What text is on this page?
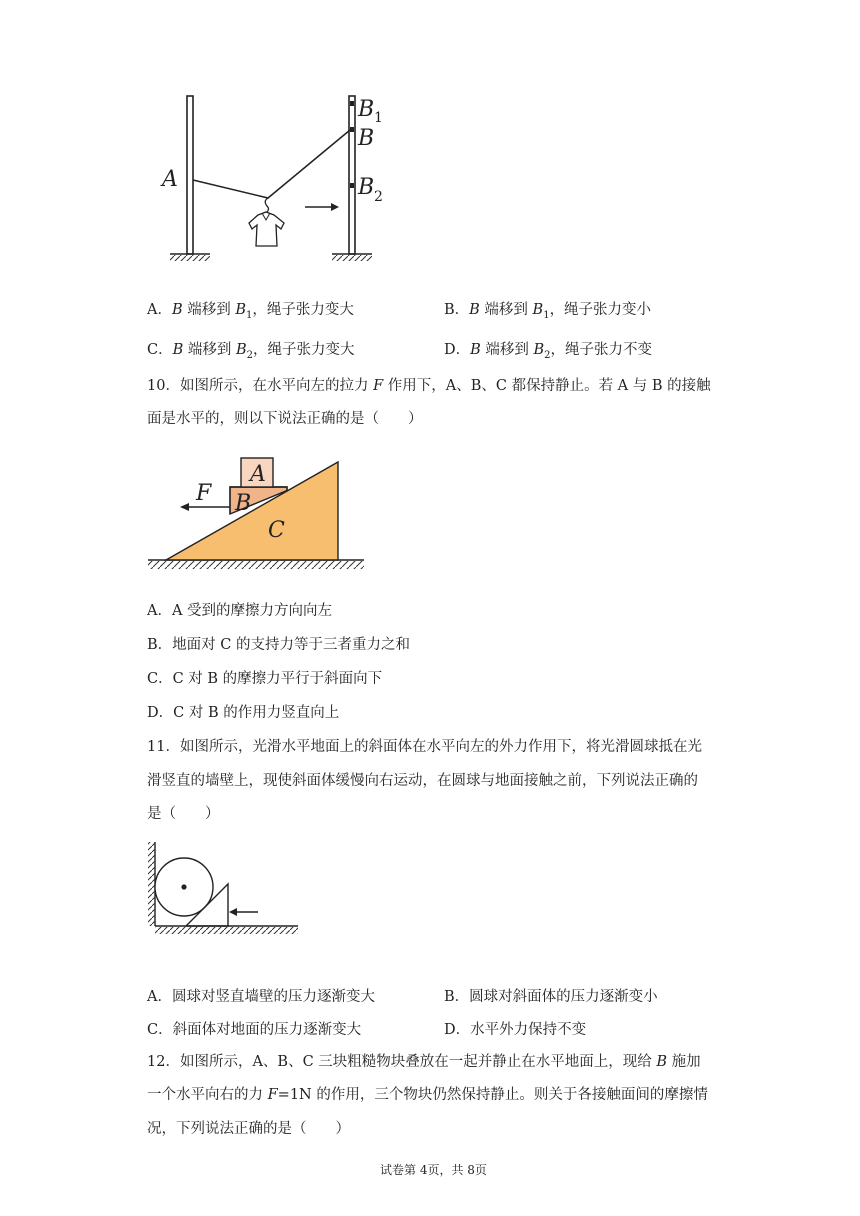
A
B
B 1
B 2
A．B 端移到 $B_1$，绳子张力变大	B．B 端移到 $B_1$，绳子张力变小
C．B 端移到 $B_2$，绳子张力变大	D．B 端移到 $B_2$，绳子张力不变
10．如图所示，在水平向左的拉力 F 作用下，A、B、C 都保持静止。若 A 与 B 的接触
面是水平的，则以下说法正确的是（　　）
A
B
C
F
A．A 受到的摩擦力方向向左
B．地面对 C 的支持力等于三者重力之和
C．C 对 B 的摩擦力平行于斜面向下
D．C 对 B 的作用力竖直向上
11．如图所示，光滑水平地面上的斜面体在水平向左的外力作用下，将光滑圆球抵在光
滑竖直的墙壁上，现使斜面体缓慢向右运动，在圆球与地面接触之前，下列说法正确的
是（　　）
A．圆球对竖直墙壁的压力逐渐变大	B．圆球对斜面体的压力逐渐变小
C．斜面体对地面的压力逐渐变大	D．水平外力保持不变
12．如图所示，A、B、C 三块粗糙物块叠放在一起并静止在水平地面上，现给 B 施加
一个水平向右的力 F=1N 的作用，三个物块仍然保持静止。则关于各接触面间的摩擦情
况，下列说法正确的是（　　）
试卷第 4页，共 8页
